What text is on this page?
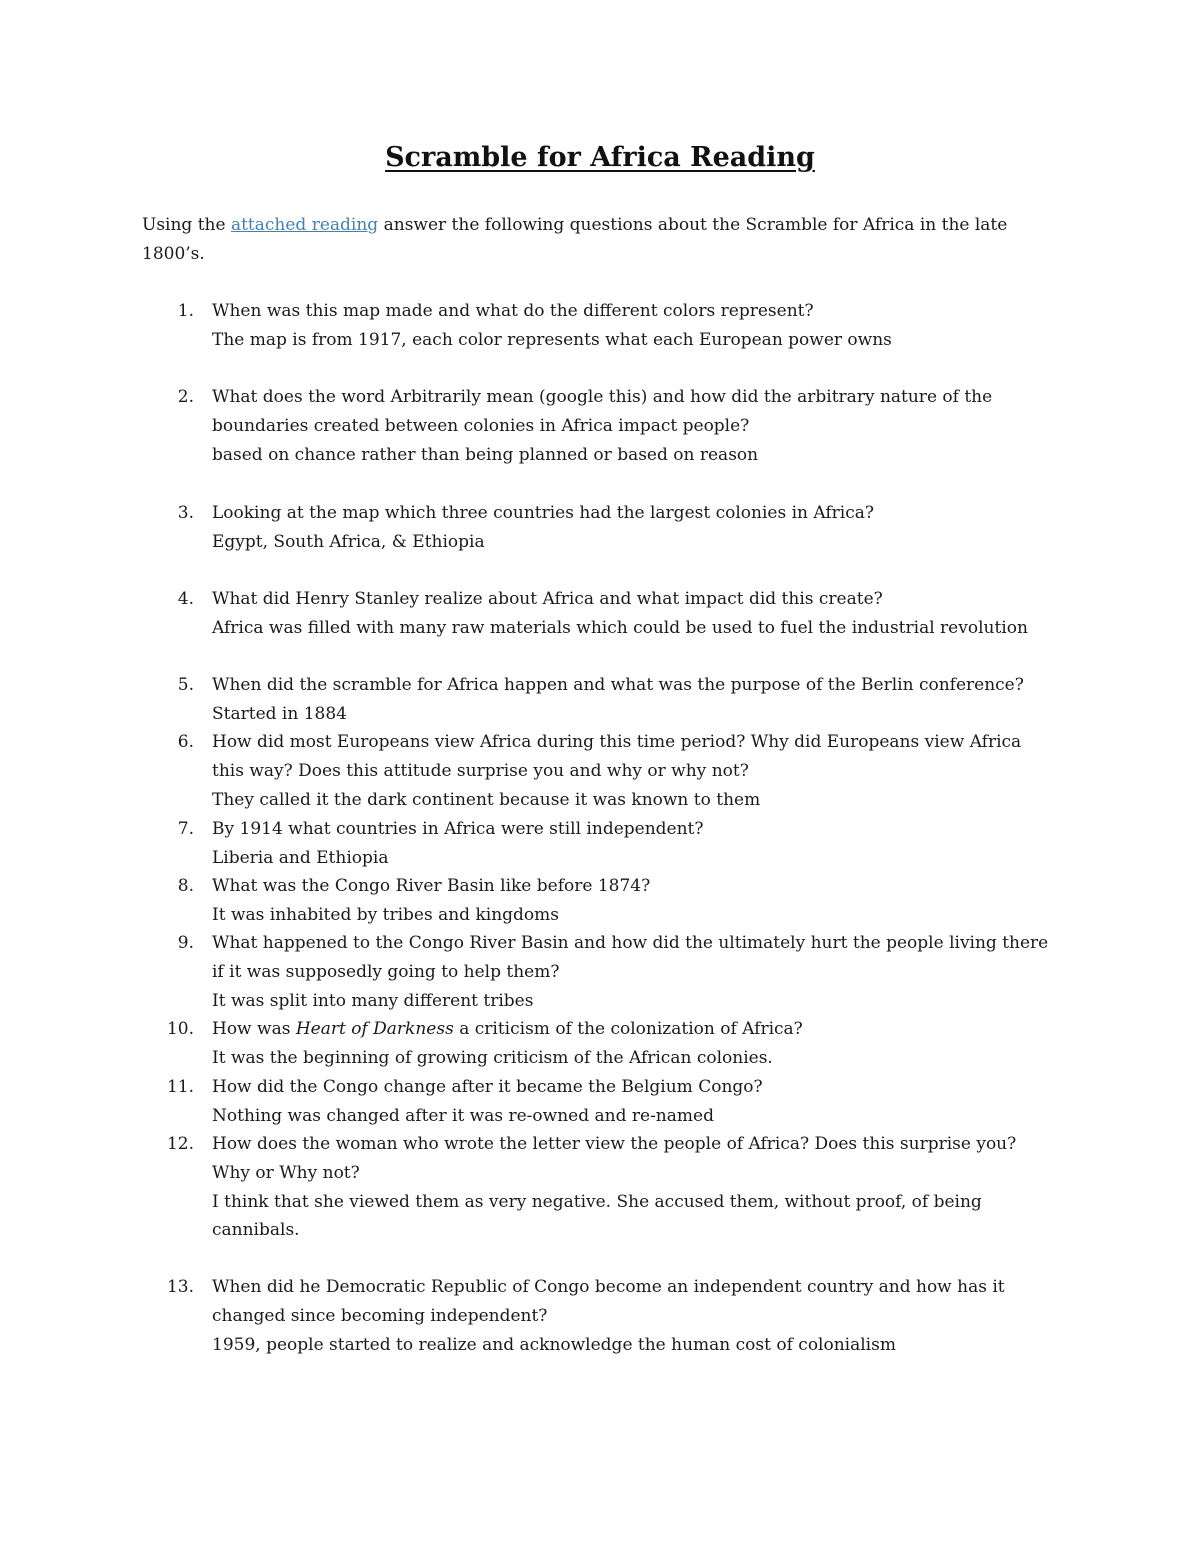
Scramble for Africa Reading
Using the attached reading answer the following questions about the Scramble for Africa in the late 1800’s.
1. When was this map made and what do the different colors represent?
The map is from 1917, each color represents what each European power owns
2. What does the word Arbitrarily mean (google this) and how did the arbitrary nature of the
boundaries created between colonies in Africa impact people?
based on chance rather than being planned or based on reason
3. Looking at the map which three countries had the largest colonies in Africa?
Egypt, South Africa, & Ethiopia
4. What did Henry Stanley realize about Africa and what impact did this create?
Africa was filled with many raw materials which could be used to fuel the industrial revolution
5. When did the scramble for Africa happen and what was the purpose of the Berlin conference?
Started in 1884
6. How did most Europeans view Africa during this time period? Why did Europeans view Africa
this way? Does this attitude surprise you and why or why not?
They called it the dark continent because it was known to them
7. By 1914 what countries in Africa were still independent?
Liberia and Ethiopia
8. What was the Congo River Basin like before 1874?
It was inhabited by tribes and kingdoms
9. What happened to the Congo River Basin and how did the ultimately hurt the people living there
if it was supposedly going to help them?
It was split into many different tribes
10. How was Heart of Darkness a criticism of the colonization of Africa?
It was the beginning of growing criticism of the African colonies.
11. How did the Congo change after it became the Belgium Congo?
Nothing was changed after it was re-owned and re-named
12. How does the woman who wrote the letter view the people of Africa? Does this surprise you?
Why or Why not?
I think that she viewed them as very negative. She accused them, without proof, of being
cannibals.
13. When did he Democratic Republic of Congo become an independent country and how has it
changed since becoming independent?
1959, people started to realize and acknowledge the human cost of colonialism
